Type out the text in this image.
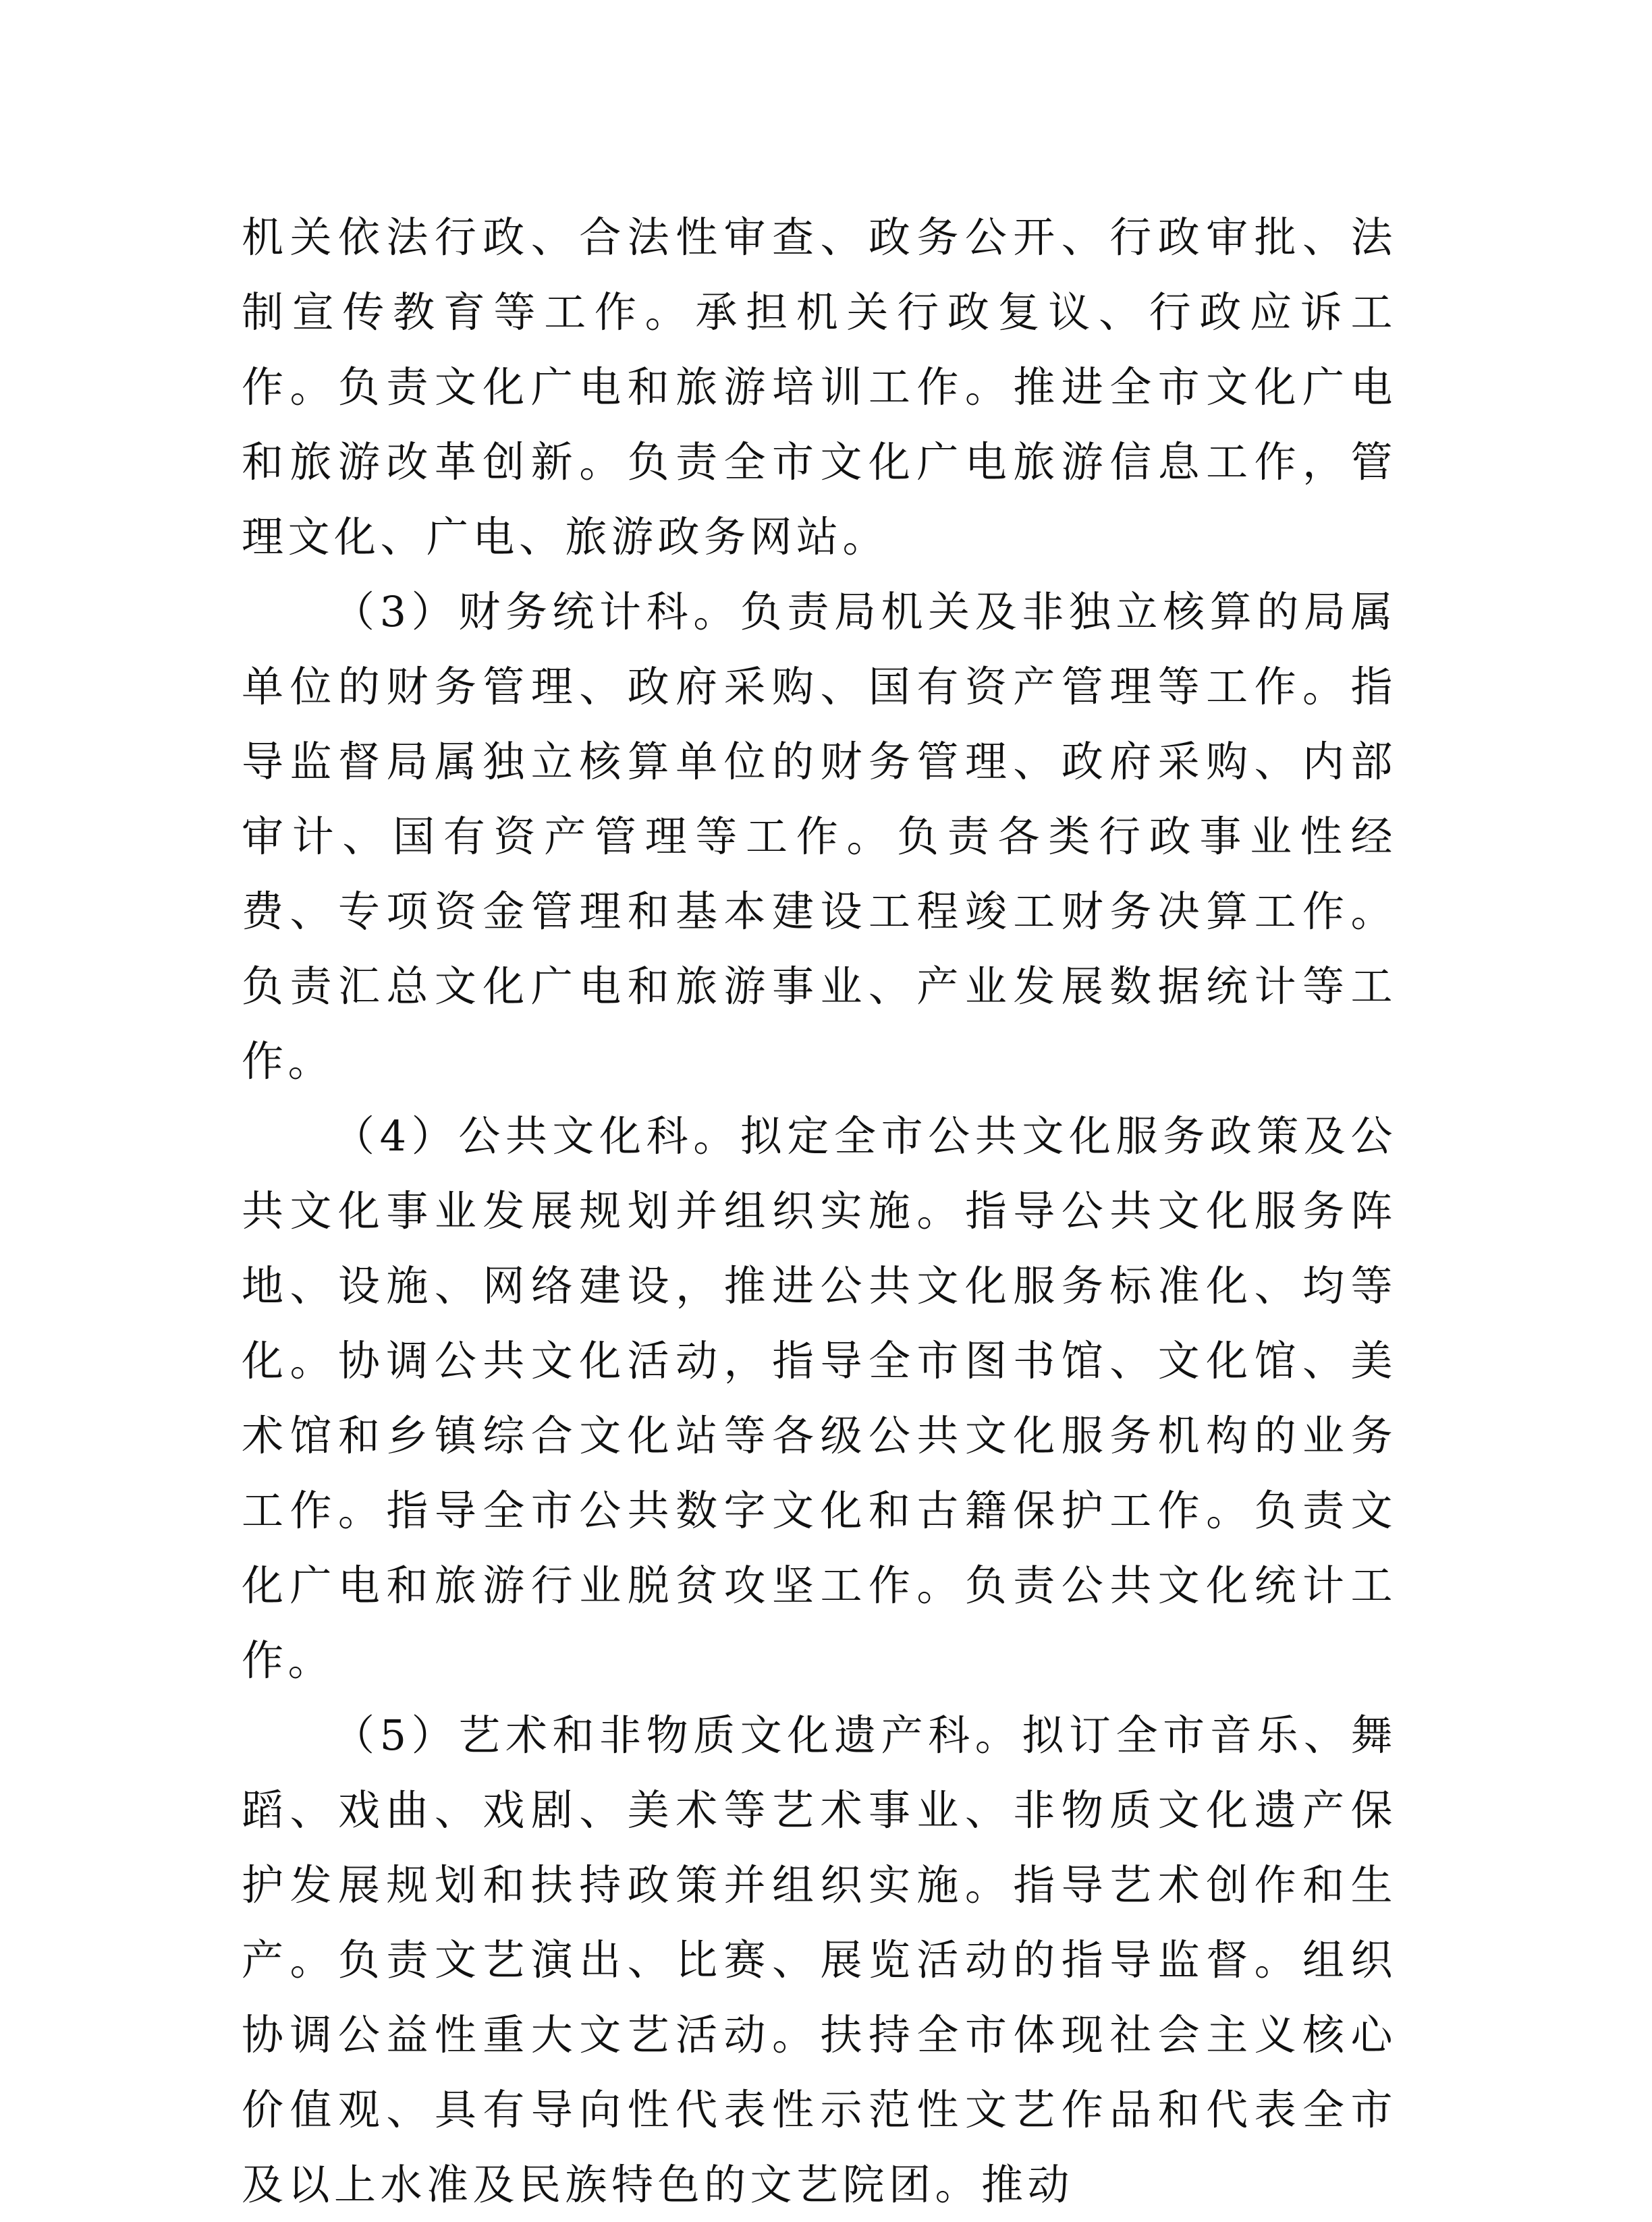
机关依法行政、合法性审查、政务公开、行政审批、法制宣传教育等工作。承担机关行政复议、行政应诉工作。负责文化广电和旅游培训工作。推进全市文化广电和旅游改革创新。负责全市文化广电旅游信息工作，管理文化、广电、旅游政务网站。

（3）财务统计科。负责局机关及非独立核算的局属单位的财务管理、政府采购、国有资产管理等工作。指导监督局属独立核算单位的财务管理、政府采购、内部审计、国有资产管理等工作。负责各类行政事业性经费、专项资金管理和基本建设工程竣工财务决算工作。负责汇总文化广电和旅游事业、产业发展数据统计等工作。

（4）公共文化科。拟定全市公共文化服务政策及公共文化事业发展规划并组织实施。指导公共文化服务阵地、设施、网络建设，推进公共文化服务标准化、均等化。协调公共文化活动，指导全市图书馆、文化馆、美术馆和乡镇综合文化站等各级公共文化服务机构的业务工作。指导全市公共数字文化和古籍保护工作。负责文化广电和旅游行业脱贫攻坚工作。负责公共文化统计工作。

（5）艺术和非物质文化遗产科。拟订全市音乐、舞蹈、戏曲、戏剧、美术等艺术事业、非物质文化遗产保护发展规划和扶持政策并组织实施。指导艺术创作和生产。负责文艺演出、比赛、展览活动的指导监督。组织协调公益性重大文艺活动。扶持全市体现社会主义核心价值观、具有导向性代表性示范性文艺作品和代表全市及以上水准及民族特色的文艺院团。推动
